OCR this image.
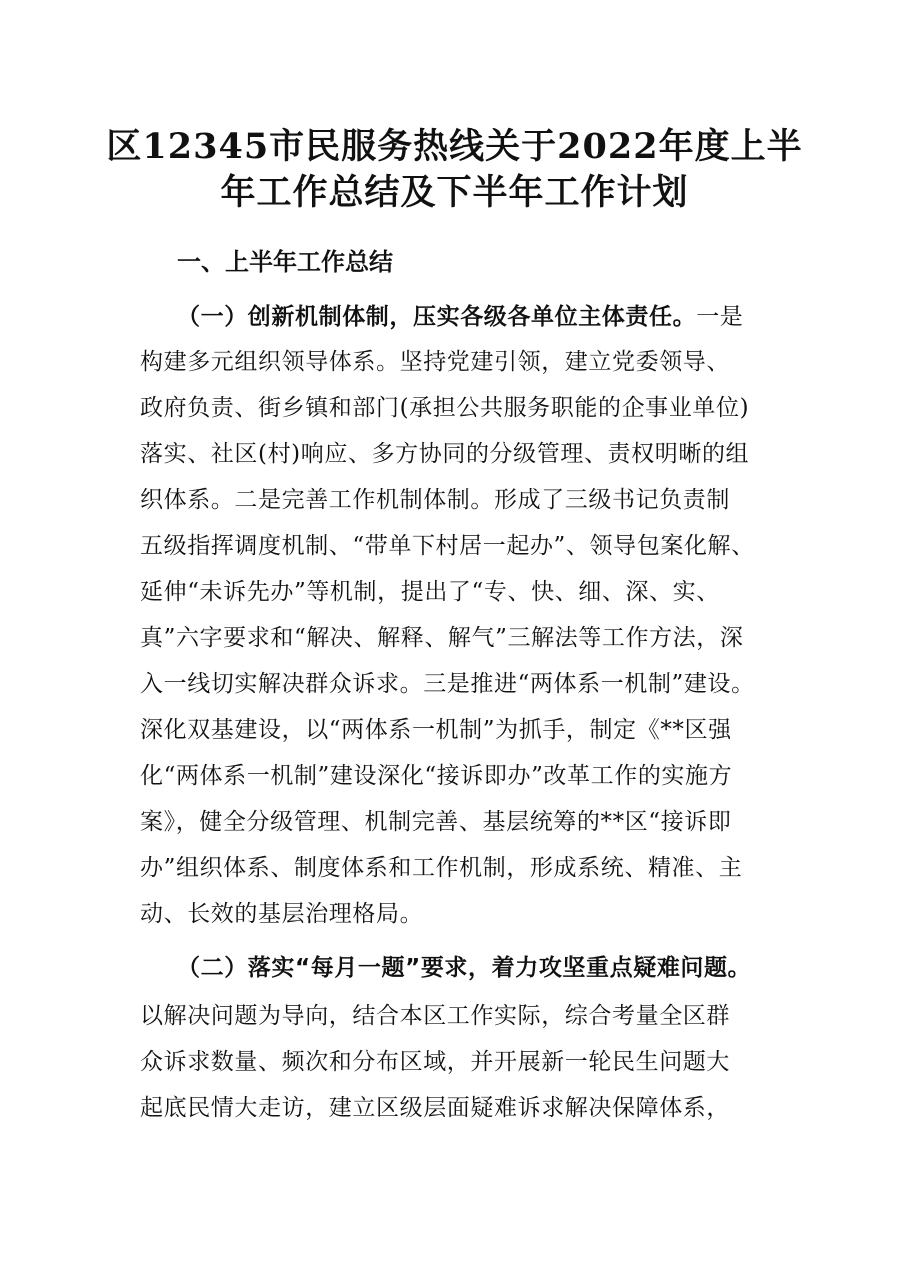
区12345市民服务热线关于2022年度上半
年工作总结及下半年工作计划
一、上半年工作总结
（一）创新机制体制，压实各级各单位主体责任。一是
构建多元组织领导体系。坚持党建引领，建立党委领导、
政府负责、街乡镇和部门(承担公共服务职能的企事业单位)
落实、社区(村)响应、多方协同的分级管理、责权明晰的组
织体系。二是完善工作机制体制。形成了三级书记负责制
五级指挥调度机制、“带单下村居一起办”、领导包案化解、
延伸“未诉先办”等机制，提出了“专、快、细、深、实、
真”六字要求和“解决、解释、解气”三解法等工作方法，深
入一线切实解决群众诉求。三是推进“两体系一机制”建设。
深化双基建设，以“两体系一机制”为抓手，制定《**区强
化“两体系一机制”建设深化“接诉即办”改革工作的实施方
案》，健全分级管理、机制完善、基层统筹的**区“接诉即
办”组织体系、制度体系和工作机制，形成系统、精准、主
动、长效的基层治理格局。
（二）落实“每月一题”要求，着力攻坚重点疑难问题。
以解决问题为导向，结合本区工作实际，综合考量全区群
众诉求数量、频次和分布区域，并开展新一轮民生问题大
起底民情大走访，建立区级层面疑难诉求解决保障体系，
